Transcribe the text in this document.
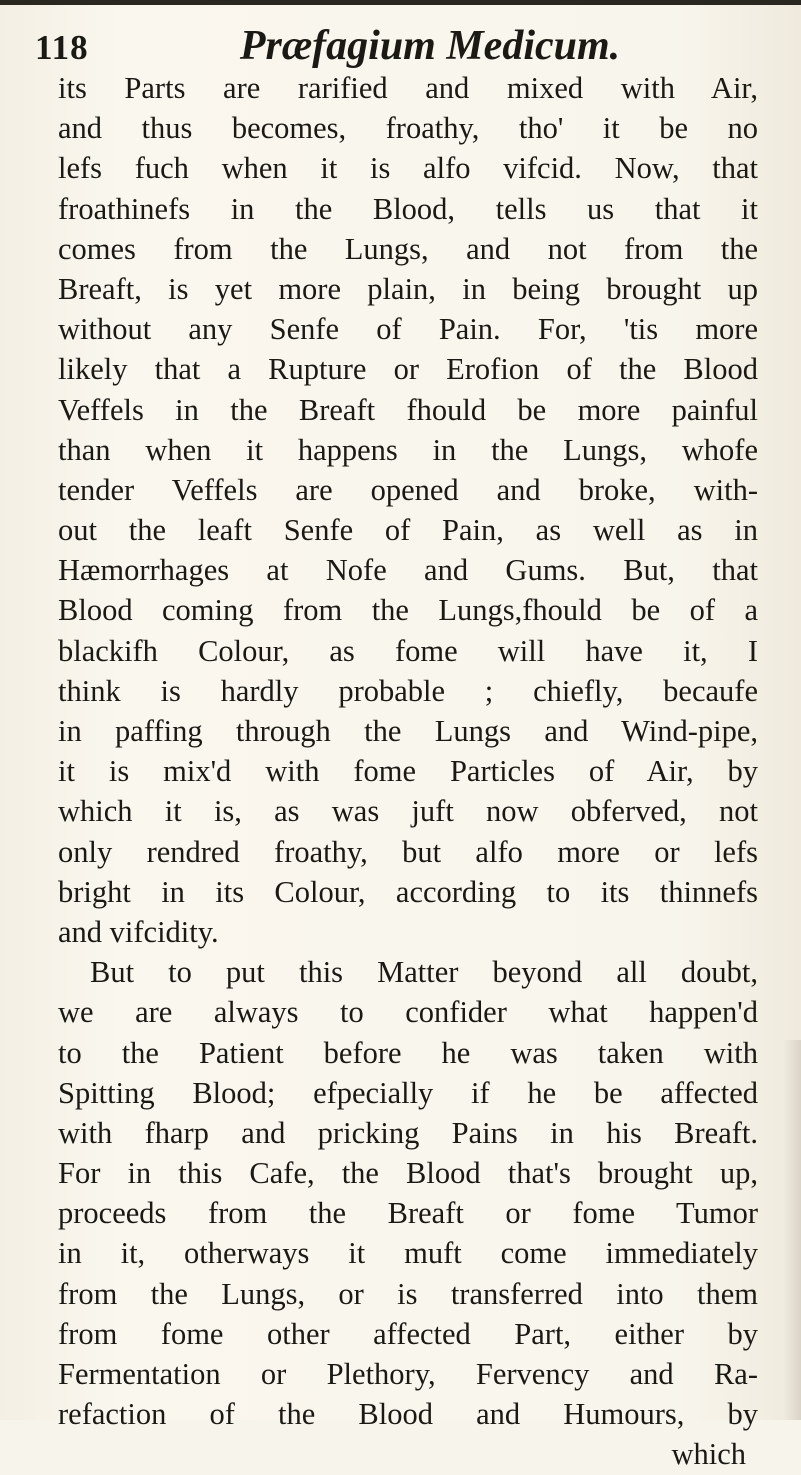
118	Præfagium Medicum.
its Parts are rarified and mixed with Air,
and thus becomes, froathy, tho' it be no
lefs fuch when it is alfo vifcid. Now, that
froathinefs in the Blood, tells us that it
comes from the Lungs, and not from the
Breaft, is yet more plain, in being brought up
without any Senfe of Pain. For, 'tis more
likely that a Rupture or Erofion of the Blood
Veffels in the Breaft fhould be more painful
than when it happens in the Lungs, whofe
tender Veffels are opened and broke, with-
out the leaft Senfe of Pain, as well as in
Hæmorrhages at Nofe and Gums. But, that
Blood coming from the Lungs,fhould be of a
blackifh Colour, as fome will have it, I
think is hardly probable ; chiefly, becaufe
in paffing through the Lungs and Wind-pipe,
it is mix'd with fome Particles of Air, by
which it is, as was juft now obferved, not
only rendred froathy, but alfo more or lefs
bright in its Colour, according to its thinnefs
and vifcidity.
But to put this Matter beyond all doubt,
we are always to confider what happen'd
to the Patient before he was taken with
Spitting Blood; efpecially if he be affected
with fharp and pricking Pains in his Breaft.
For in this Cafe, the Blood that's brought up,
proceeds from the Breaft or fome Tumor
in it, otherways it muft come immediately
from the Lungs, or is transferred into them
from fome other affected Part, either by
Fermentation or Plethory, Fervency and Ra-
refaction of the Blood and Humours, by
which
